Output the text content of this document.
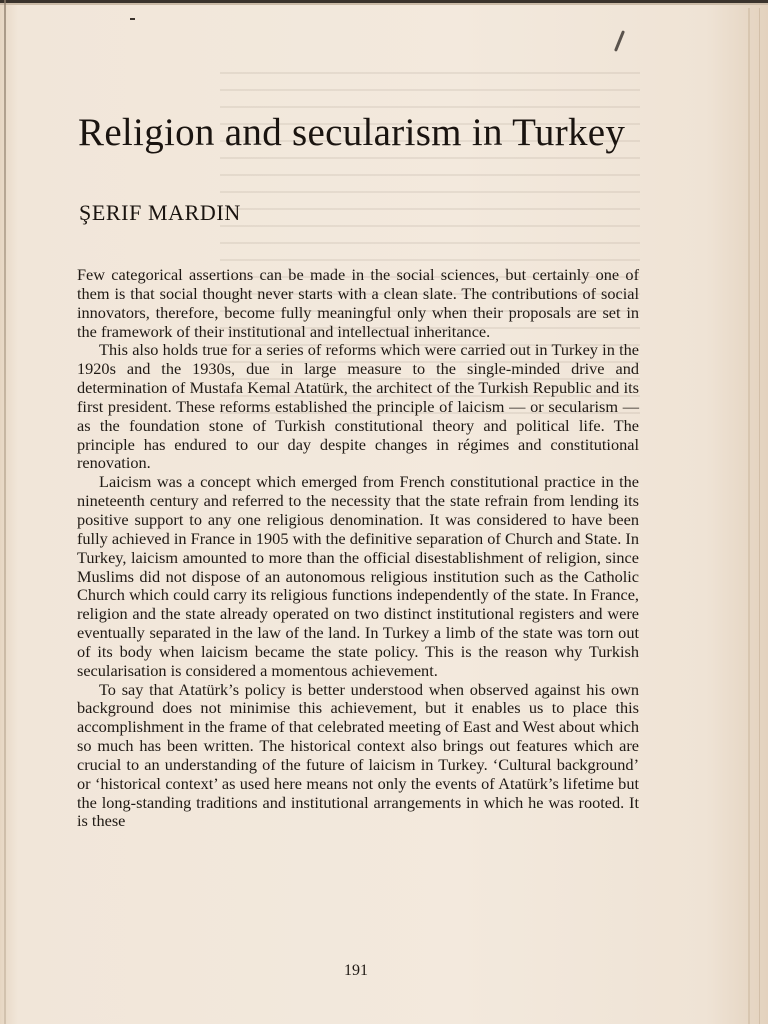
Religion and secularism in Turkey
ŞERIF MARDIN

Few categorical assertions can be made in the social sciences, but certainly one of them is that social thought never starts with a clean slate. The contributions of social innovators, therefore, become fully meaningful only when their proposals are set in the framework of their institutional and intellectual inheritance.

This also holds true for a series of reforms which were carried out in Turkey in the 1920s and the 1930s, due in large measure to the single-minded drive and determination of Mustafa Kemal Atatürk, the architect of the Turkish Republic and its first president. These reforms established the principle of laicism — or secularism — as the foundation stone of Turkish constitutional theory and political life. The principle has endured to our day despite changes in régimes and constitutional renovation.

Laicism was a concept which emerged from French constitutional practice in the nineteenth century and referred to the necessity that the state refrain from lending its positive support to any one religious denomination. It was considered to have been fully achieved in France in 1905 with the definitive separation of Church and State. In Turkey, laicism amounted to more than the official disestablishment of religion, since Muslims did not dispose of an autonomous religious institution such as the Catholic Church which could carry its religious functions independently of the state. In France, religion and the state already operated on two distinct institutional registers and were eventually separated in the law of the land. In Turkey a limb of the state was torn out of its body when laicism became the state policy. This is the reason why Turkish secularisation is considered a momentous achievement.

To say that Atatürk’s policy is better understood when observed against his own background does not minimise this achievement, but it enables us to place this accomplishment in the frame of that celebrated meeting of East and West about which so much has been written. The historical context also brings out features which are crucial to an understanding of the future of laicism in Turkey. ‘Cultural background’ or ‘historical context’ as used here means not only the events of Atatürk’s lifetime but the long-standing traditions and institutional arrangements in which he was rooted. It is these

191
